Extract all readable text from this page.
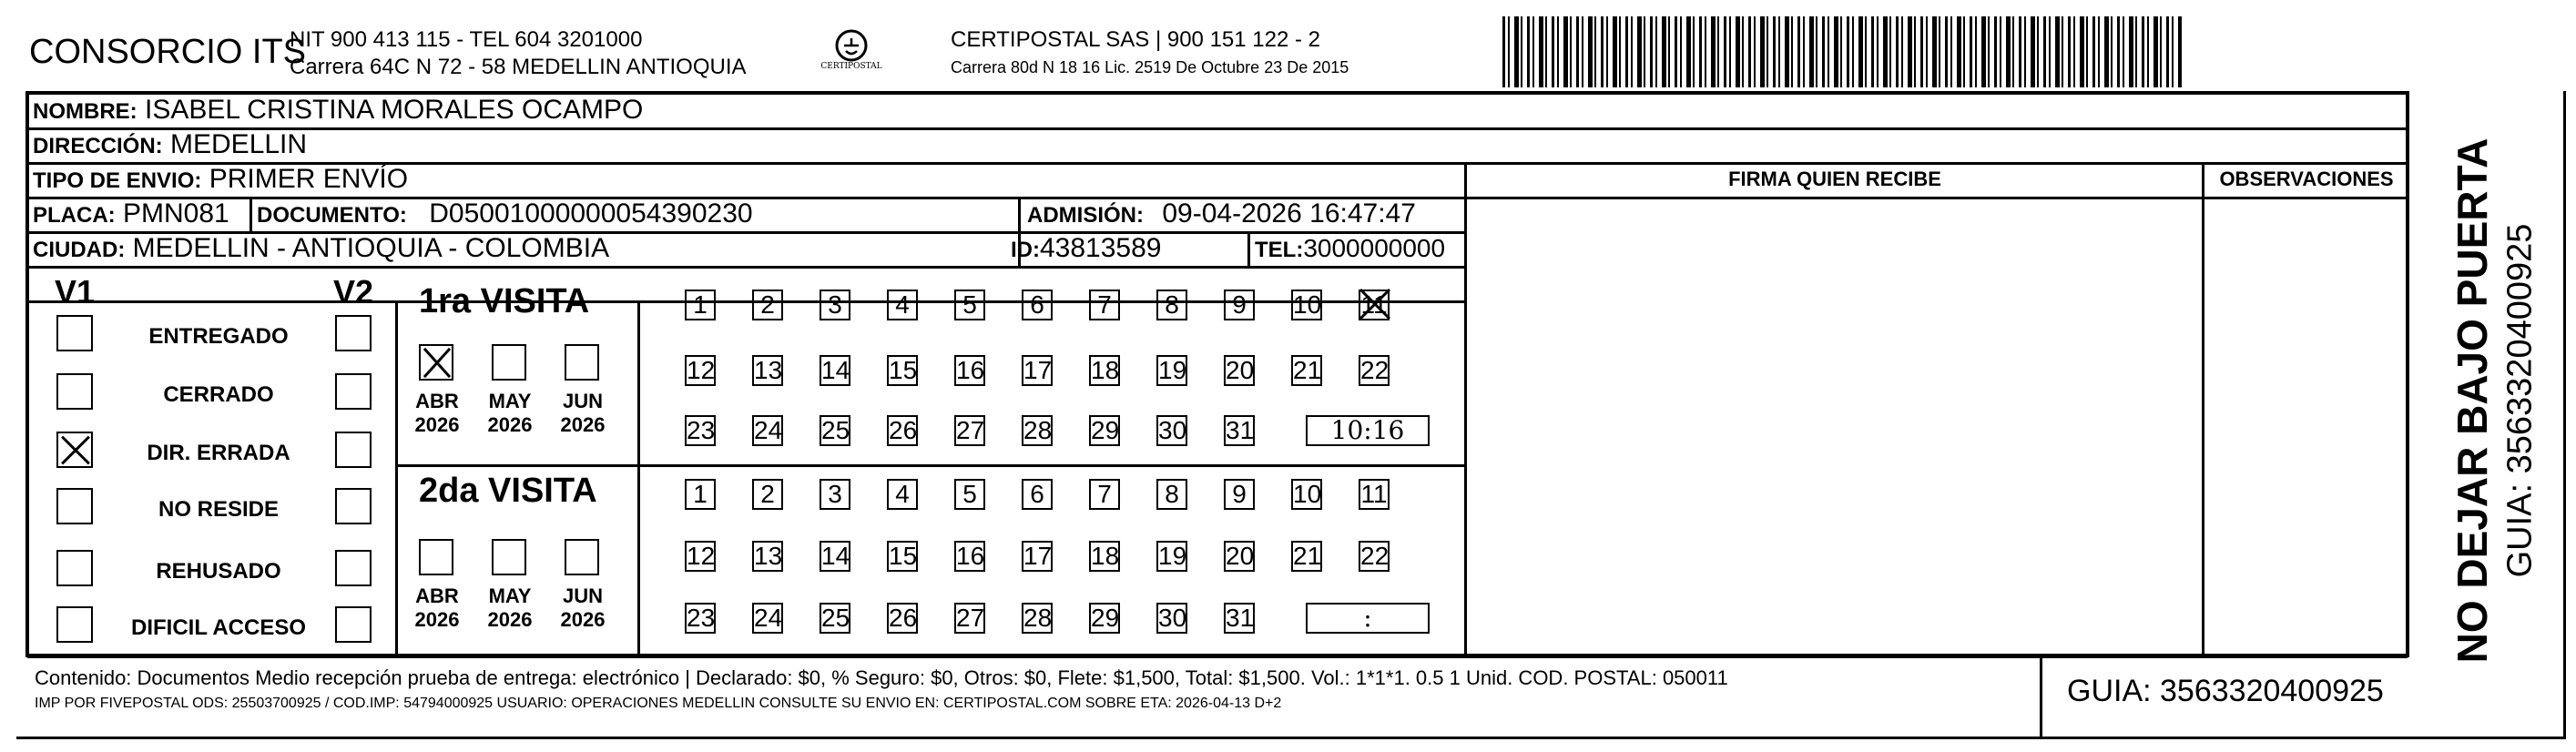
CONSORCIO ITS
NIT 900 413 115 - TEL 604 3201000
Carrera 64C N 72 - 58 MEDELLIN ANTIOQUIA	CERTIPOSTAL
CERTIPOSTAL SAS | 900 151 122 - 2
Carrera 80d N 18 16 Lic. 2519 De Octubre 23 De 2015
NOMBRE: ISABEL CRISTINA MORALES OCAMPO
DIRECCIÓN: MEDELLIN
TIPO DE ENVIO: PRIMER ENVÍO	FIRMA QUIEN RECIBE	OBSERVACIONES
PLACA: PMN081 DOCUMENTO: D05001000000054390230	ADMISIÓN: 09-04-2026 16:47:47
CIUDAD: MEDELLIN - ANTIOQUIA - COLOMBIA	ID:43813589	TEL:3000000000
V1	V2
ENTREGADO
CERRADO
DIR. ERRADA
NO RESIDE
REHUSADO
DIFICIL ACCESO
1ra VISITA
ABR
2026
MAY
2026
JUN
2026
1	2	3	4	5	6	7	8	9	10 11
12 13 14 15 16 17 18 19 20 21 22
23 24 25 26 27 28 29 30 31	10:16
2da VISITA
ABR
2026
MAY
2026
JUN
2026
1	2	3	4	5	6	7	8	9	10 11
12 13 14 15 16 17 18 19 20 21 22
23 24 25 26 27 28 29 30 31	:
Contenido: Documentos Medio recepción prueba de entrega: electrónico | Declarado: $0, % Seguro: $0, Otros: $0, Flete: $1,500, Total: $1,500. Vol.: 1*1*1. 0.5 1 Unid. COD. POSTAL: 050011
IMP POR FIVEPOSTAL ODS: 25503700925 / COD.IMP: 54794000925 USUARIO: OPERACIONES MEDELLIN CONSULTE SU ENVIO EN: CERTIPOSTAL.COM SOBRE ETA: 2026-04-13 D+2	GUIA: 3563320400925
NO DEJAR BAJO PUERTA GUIA: 3563320400925
